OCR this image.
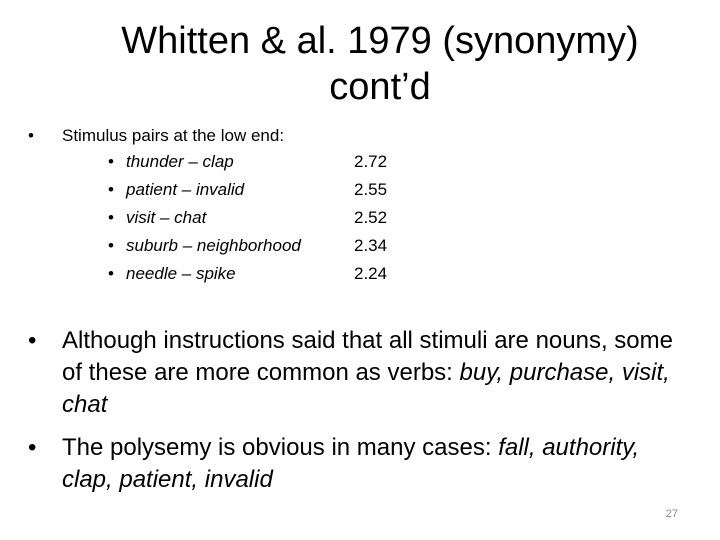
Whitten & al. 1979 (synonymy)
cont’d
•	Stimulus pairs at the low end:
• thunder – clap	2.72
• patient – invalid	2.55
• visit – chat	2.52
• suburb – neighborhood	2.34
• needle – spike	2.24
•	Although instructions said that all stimuli are nouns, some of these are more common as verbs: buy, purchase, visit, chat
•	The polysemy is obvious in many cases: fall, authority, clap, patient, invalid
27
